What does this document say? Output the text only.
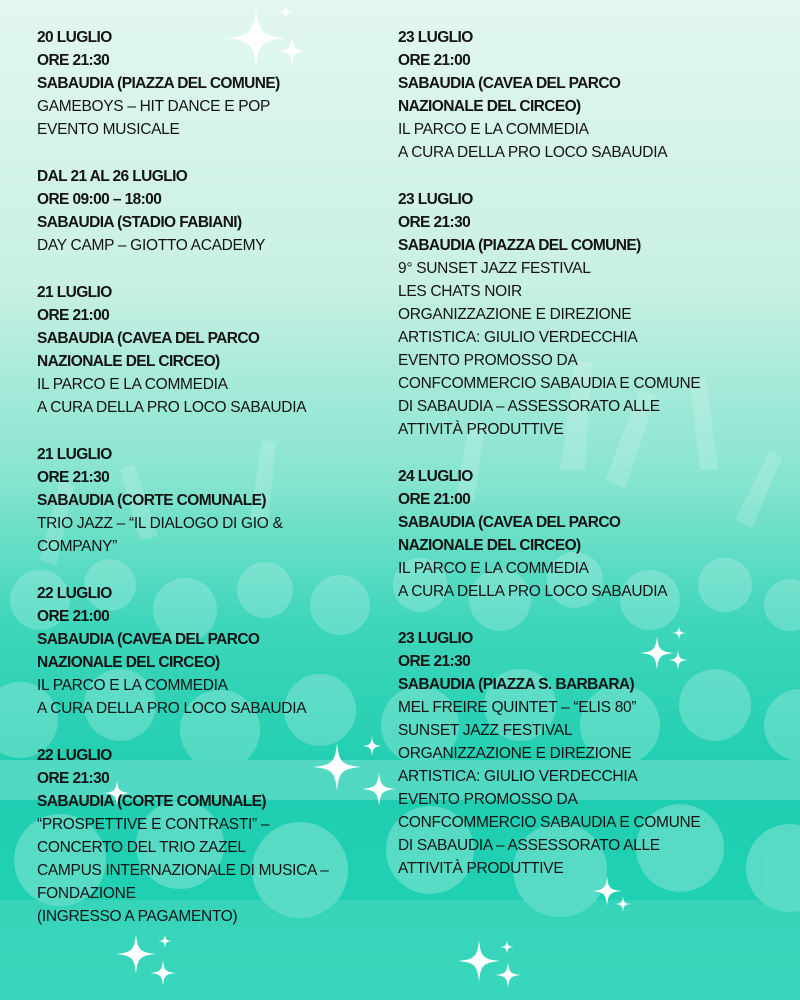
20 LUGLIO
ORE 21:30
SABAUDIA (PIAZZA DEL COMUNE)
GAMEBOYS – HIT DANCE E POP
EVENTO MUSICALE
DAL 21 AL 26 LUGLIO
ORE 09:00 – 18:00
SABAUDIA (STADIO FABIANI)
DAY CAMP – GIOTTO ACADEMY
21 LUGLIO
ORE 21:00
SABAUDIA (CAVEA DEL PARCO
NAZIONALE DEL CIRCEO)
IL PARCO E LA COMMEDIA
A CURA DELLA PRO LOCO SABAUDIA
21 LUGLIO
ORE 21:30
SABAUDIA (CORTE COMUNALE)
TRIO JAZZ – “IL DIALOGO DI GIO &
COMPANY”
22 LUGLIO
ORE 21:00
SABAUDIA (CAVEA DEL PARCO
NAZIONALE DEL CIRCEO)
IL PARCO E LA COMMEDIA
A CURA DELLA PRO LOCO SABAUDIA
22 LUGLIO
ORE 21:30
SABAUDIA (CORTE COMUNALE)
“PROSPETTIVE E CONTRASTI” –
CONCERTO DEL TRIO ZAZEL
CAMPUS INTERNAZIONALE DI MUSICA –
FONDAZIONE
(INGRESSO A PAGAMENTO)
23 LUGLIO
ORE 21:00
SABAUDIA (CAVEA DEL PARCO
NAZIONALE DEL CIRCEO)
IL PARCO E LA COMMEDIA
A CURA DELLA PRO LOCO SABAUDIA
23 LUGLIO
ORE 21:30
SABAUDIA (PIAZZA DEL COMUNE)
9° SUNSET JAZZ FESTIVAL
LES CHATS NOIR
ORGANIZZAZIONE E DIREZIONE
ARTISTICA: GIULIO VERDECCHIA
EVENTO PROMOSSO DA
CONFCOMMERCIO SABAUDIA E COMUNE
DI SABAUDIA – ASSESSORATO ALLE
ATTIVITÀ PRODUTTIVE
24 LUGLIO
ORE 21:00
SABAUDIA (CAVEA DEL PARCO
NAZIONALE DEL CIRCEO)
IL PARCO E LA COMMEDIA
A CURA DELLA PRO LOCO SABAUDIA
23 LUGLIO
ORE 21:30
SABAUDIA (PIAZZA S. BARBARA)
MEL FREIRE QUINTET – “ELIS 80”
SUNSET JAZZ FESTIVAL
ORGANIZZAZIONE E DIREZIONE
ARTISTICA: GIULIO VERDECCHIA
EVENTO PROMOSSO DA
CONFCOMMERCIO SABAUDIA E COMUNE
DI SABAUDIA – ASSESSORATO ALLE
ATTIVITÀ PRODUTTIVE
